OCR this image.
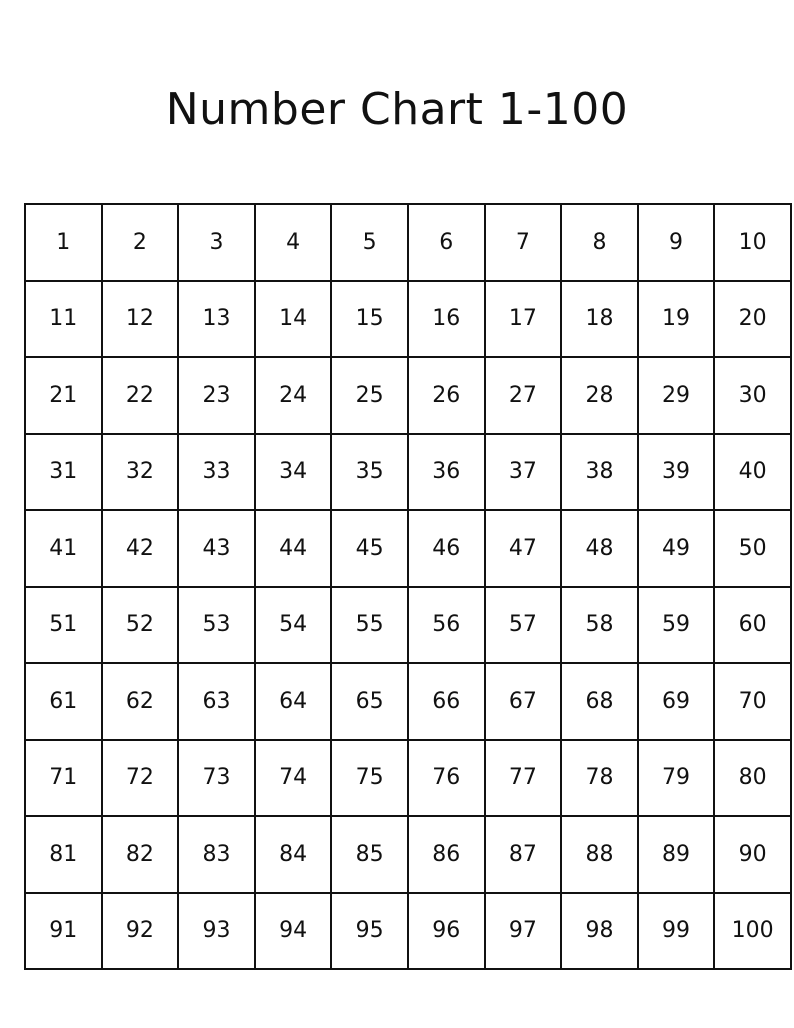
Number Chart 1-100
1	2	3	4	5	6	7	8	9	10
11	12	13	14	15	16	17	18	19	20
21	22	23	24	25	26	27	28	29	30
31	32	33	34	35	36	37	38	39	40
41	42	43	44	45	46	47	48	49	50
51	52	53	54	55	56	57	58	59	60
61	62	63	64	65	66	67	68	69	70
71	72	73	74	75	76	77	78	79	80
81	82	83	84	85	86	87	88	89	90
91	92	93	94	95	96	97	98	99	100
